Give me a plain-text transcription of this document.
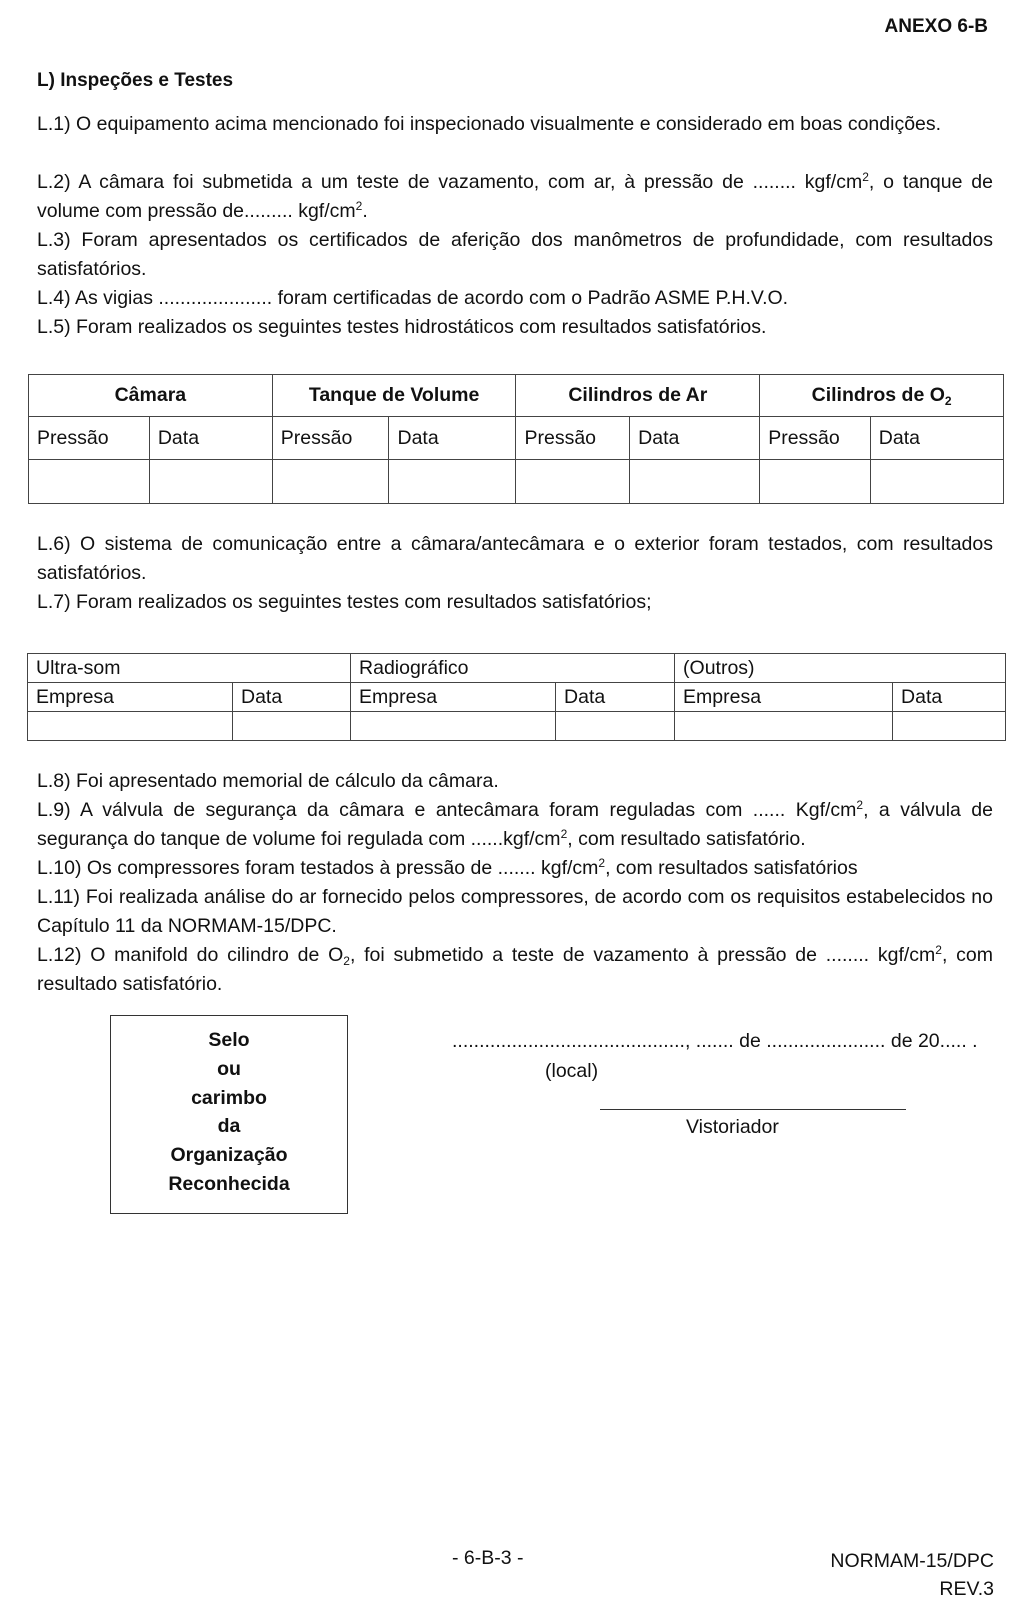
ANEXO 6-B
L) Inspeções e Testes

L.1) O equipamento acima mencionado foi inspecionado visualmente e considerado em boas condições.

L.2) A câmara foi submetida a um teste de vazamento, com ar, à pressão de ........ kgf/$cm^2$, o tanque de volume com pressão de......... kgf/$cm^2$.

L.3) Foram apresentados os certificados de aferição dos manômetros de profundidade, com resultados satisfatórios.

L.4) As vigias ..................... foram certificadas de acordo com o Padrão ASME P.H.V.O.

L.5) Foram realizados os seguintes testes hidrostáticos com resultados satisfatórios.

Câmara		Tanque de Volume		Cilindros de Ar		Cilindros de $O_2$
Pressão	Data	Pressão	Data	Pressão	Data	Pressão	Data

L.6) O sistema de comunicação entre a câmara/antecâmara e o exterior foram testados, com resultados satisfatórios.

L.7) Foram realizados os seguintes testes com resultados satisfatórios;

Ultra-som		Radiográfico		(Outros)	
Empresa	Data	Empresa	Data	Empresa	Data

L.8) Foi apresentado memorial de cálculo da câmara.

L.9) A válvula de segurança da câmara e antecâmara foram reguladas com ...... Kgf/$cm^2$, a válvula de segurança do tanque de volume foi regulada com $......kgf/cm^2$, com resultado satisfatório.

L.10) Os compressores foram testados à pressão de ....... kgf/$cm^2$, com resultados satisfatórios

L.11) Foi realizada análise do ar fornecido pelos compressores, de acordo com os requisitos estabelecidos no Capítulo 11 da NORMAM-15/DPC.

L.12) O manifold do cilindro de $O_2$, foi submetido a teste de vazamento à pressão de ........ kgf/$cm^2$, com resultado satisfatório.

Selo
ou
carimbo
da
Organização
Reconhecida
..........................................., ....... de ...................... de 20..... .
(local)
Vistoriador
- 6-B-3 -	NORMAM-15/DPC
REV.3
